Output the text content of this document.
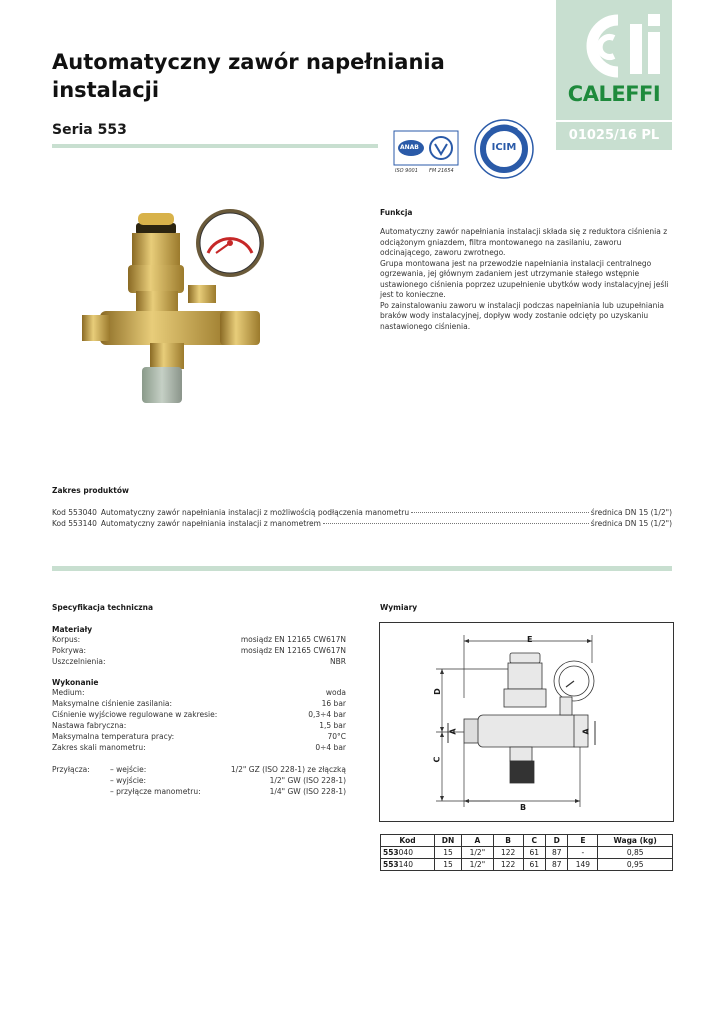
Automatyczny zawór napełniania
instalacji
Seria 553
CALEFFI
01025/16 PL
ANAB
ISO 9001 FM 21654
ICIM
Funkcja

Automatyczny zawór napełniania instalacji składa się z reduktora ciśnienia z odciążonym gniazdem, filtra montowanego na zasilaniu, zaworu odcinającego, zaworu zwrotnego.

Grupa montowana jest na przewodzie napełniania instalacji centralnego ogrzewania, jej głównym zadaniem jest utrzymanie stałego wstępnie ustawionego ciśnienia poprzez uzupełnienie ubytków wody instalacyjnej jeśli jest to konieczne.

Po zainstalowaniu zaworu w instalacji podczas napełniania lub uzupełniania braków wody instalacyjnej, dopływ wody zostanie odcięty po uzyskaniu nastawionego ciśnienia.

Zakres produktów
Kod 553040 Automatyczny zawór napełniania instalacji z możliwością podłączenia manometru	średnica DN 15 (1/2")
Kod 553140 Automatyczny zawór napełniania instalacji z manometrem	średnica DN 15 (1/2")
Specyfikacja techniczna
Materiały
Korpus:	mosiądz EN 12165 CW617N
Pokrywa:	mosiądz EN 12165 CW617N
Uszczelnienia:	NBR
Wykonanie
Medium:	woda
Maksymalne ciśnienie zasilania:	16 bar
Ciśnienie wyjściowe regulowane w zakresie:	0,3÷4 bar
Nastawa fabryczna:	1,5 bar
Maksymalna temperatura pracy:	70°C
Zakres skali manometru:	0÷4 bar
Przyłącza:	– wejście:	1/2" GZ (ISO 228-1) ze złączką
– wyjście:	1/2" GW (ISO 228-1)
– przyłącze manometru:	1/4" GW (ISO 228-1)
Wymiary
E
D
C
A	A
B
Kod	DN	A	B	C	D	E	Waga (kg)
553040	15	1/2"	122	61	87	-	0,85
553140	15	1/2"	122	61	87	149	0,95
